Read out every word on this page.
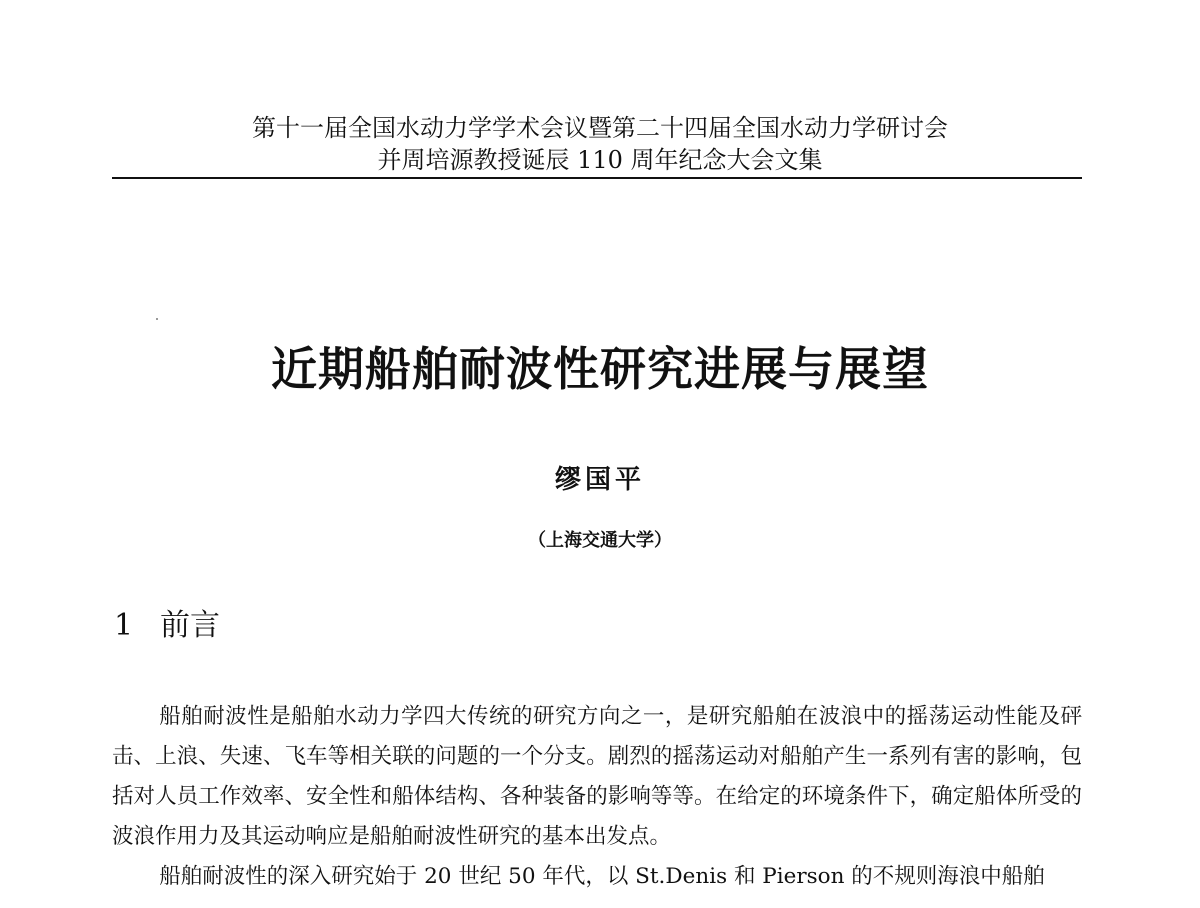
第十一届全国水动力学学术会议暨第二十四届全国水动力学研讨会
并周培源教授诞辰 110 周年纪念大会文集
近期船舶耐波性研究进展与展望
缪国平
（上海交通大学）
1 前言

船舶耐波性是船舶水动力学四大传统的研究方向之一，是研究船舶在波浪中的摇荡运动性能及砰击、上浪、失速、飞车等相关联的问题的一个分支。剧烈的摇荡运动对船舶产生一系列有害的影响，包括对人员工作效率、安全性和船体结构、各种装备的影响等等。在给定的环境条件下，确定船体所受的波浪作用力及其运动响应是船舶耐波性研究的基本出发点。

船舶耐波性的深入研究始于 20 世纪 50 年代，以 St.Denis 和 Pierson 的不规则海浪中船舶
